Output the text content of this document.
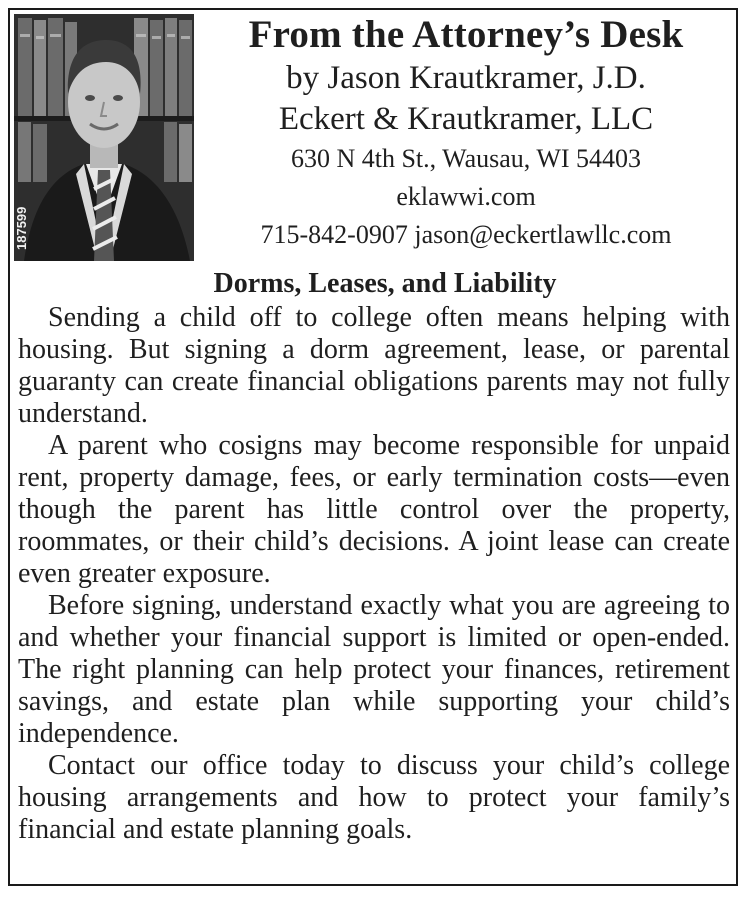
187599
From the Attorney’s Desk
by Jason Krautkramer, J.D.
Eckert & Krautkramer, LLC
630 N 4th St., Wausau, WI 54403
eklawwi.com
715-842-0907 jason@eckertlawllc.com
Dorms, Leases, and Liability

Sending a child off to college often means helping with housing. But signing a dorm agreement, lease, or parental guaranty can create financial obligations parents may not fully understand.

A parent who cosigns may become responsible for unpaid rent, property damage, fees, or early termination costs—even though the parent has little control over the property, roommates, or their child’s decisions. A joint lease can create even greater exposure.

Before signing, understand exactly what you are agreeing to and whether your financial support is limited or open-ended. The right planning can help protect your finances, retirement savings, and estate plan while supporting your child’s independence.

Contact our office today to discuss your child’s college housing arrangements and how to protect your family’s financial and estate planning goals.
